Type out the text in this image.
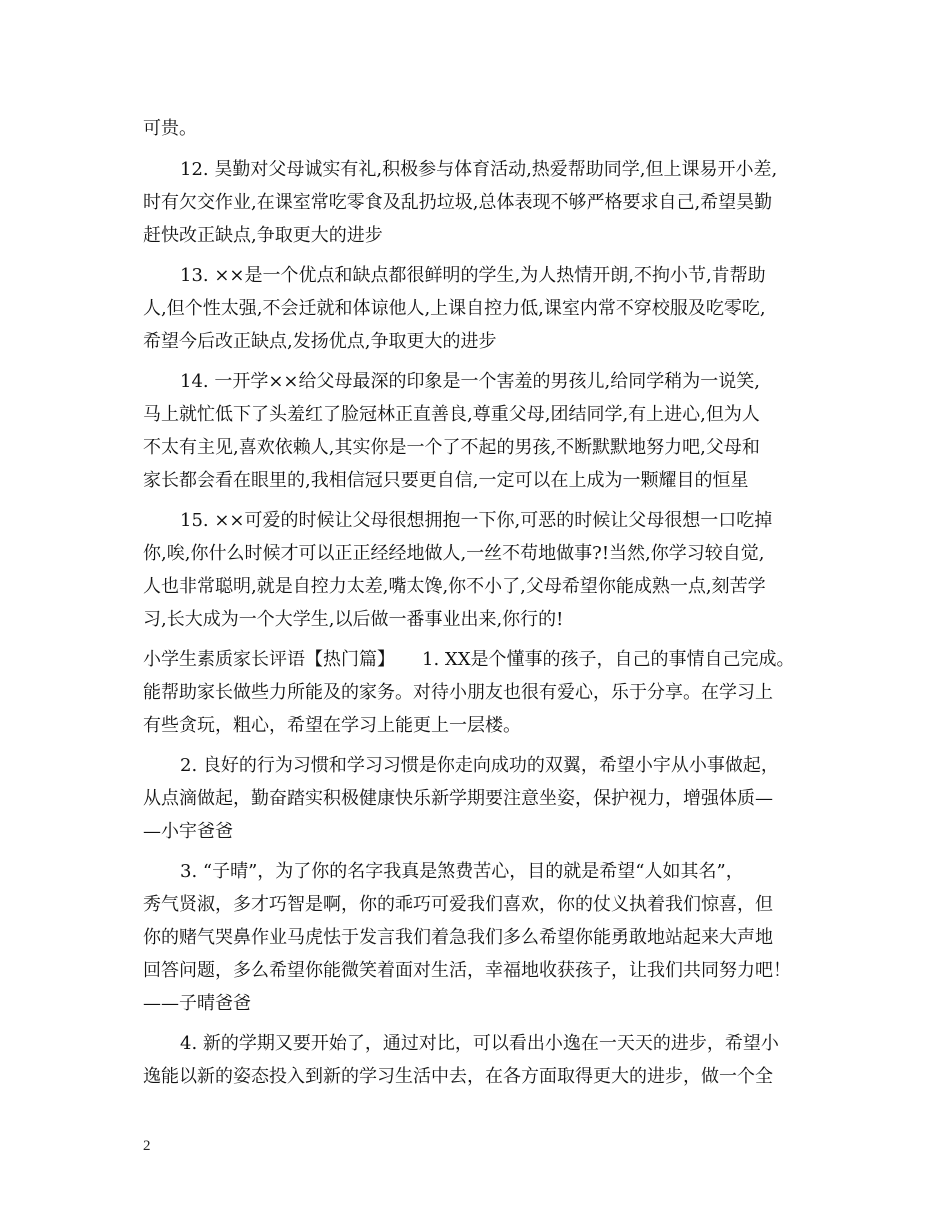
可贵。
12. 昊勤对父母诚实有礼,积极参与体育活动,热爱帮助同学,但上课易开小差,
时有欠交作业,在课室常吃零食及乱扔垃圾,总体表现不够严格要求自己,希望昊勤
赶快改正缺点,争取更大的进步
13. ××是一个优点和缺点都很鲜明的学生,为人热情开朗,不拘小节,肯帮助
人,但个性太强,不会迁就和体谅他人,上课自控力低,课室内常不穿校服及吃零吃,
希望今后改正缺点,发扬优点,争取更大的进步
14. 一开学××给父母最深的印象是一个害羞的男孩儿,给同学稍为一说笑,
马上就忙低下了头羞红了脸冠林正直善良,尊重父母,团结同学,有上进心,但为人
不太有主见,喜欢依赖人,其实你是一个了不起的男孩,不断默默地努力吧,父母和
家长都会看在眼里的,我相信冠只要更自信,一定可以在上成为一颗耀目的恒星
15. ××可爱的时候让父母很想拥抱一下你,可恶的时候让父母很想一口吃掉
你,唉,你什么时候才可以正正经经地做人,一丝不苟地做事?!当然,你学习较自觉,
人也非常聪明,就是自控力太差,嘴太馋,你不小了,父母希望你能成熟一点,刻苦学
习,长大成为一个大学生,以后做一番事业出来,你行的!
小学生素质家长评语【热门篇】　　1. XX是个懂事的孩子，自己的事情自己完成。
能帮助家长做些力所能及的家务。对待小朋友也很有爱心，乐于分享。在学习上
有些贪玩，粗心，希望在学习上能更上一层楼。
2. 良好的行为习惯和学习习惯是你走向成功的双翼，希望小宇从小事做起，
从点滴做起，勤奋踏实积极健康快乐新学期要注意坐姿，保护视力，增强体质—
—小宇爸爸
3. “子晴”，为了你的名字我真是煞费苦心，目的就是希望“人如其名”，
秀气贤淑，多才巧智是啊，你的乖巧可爱我们喜欢，你的仗义执着我们惊喜，但
你的赌气哭鼻作业马虎怯于发言我们着急我们多么希望你能勇敢地站起来大声地
回答问题，多么希望你能微笑着面对生活，幸福地收获孩子，让我们共同努力吧！
——子晴爸爸
4. 新的学期又要开始了，通过对比，可以看出小逸在一天天的进步，希望小
逸能以新的姿态投入到新的学习生活中去，在各方面取得更大的进步，做一个全
2
